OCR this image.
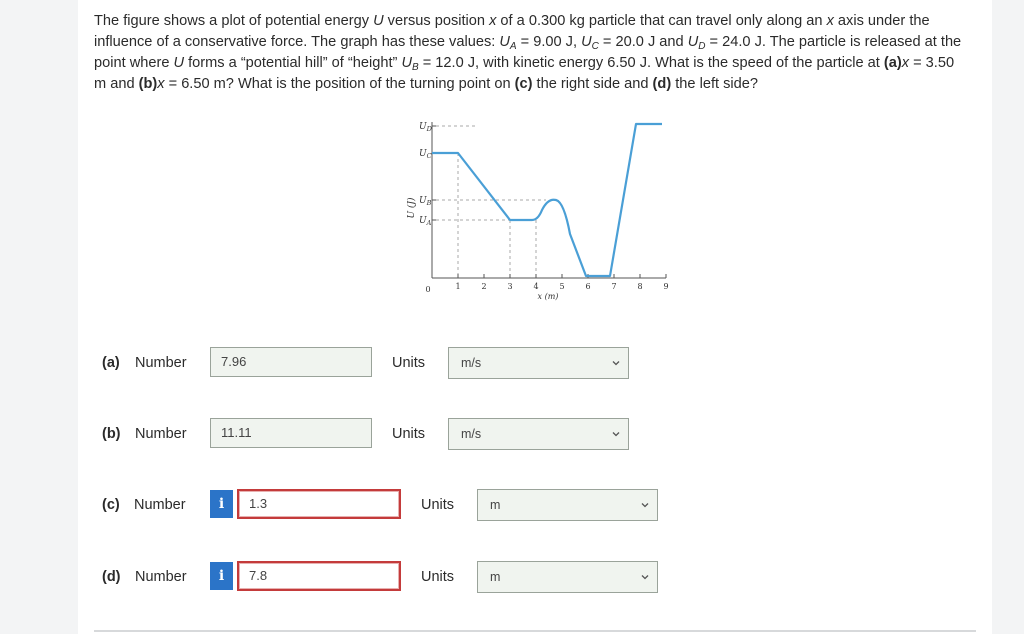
The figure shows a plot of potential energy U versus position x of a 0.300 kg particle that can travel only along an x axis under the influence of a conservative force. The graph has these values: $U_A = 9.00$ J, $U_C = 20.0$ J and $U_D = 24.0$ J. The particle is released at the point where U forms a “potential hill” of “height” $U_B = 12.0$ J, with kinetic energy 6.50 J. What is the speed of the particle at (a)x = 3.50 m and (b)x = 6.50 m? What is the position of the turning point on (c) the right side and (d) the left side?

$U_D$
$U_C$
$U_B$
$U_A$
U (J)
0	1	2	3	4	5	6	7	8	9
x (m)
(a) Number	7.96	Units	m/s
(b) Number	11.11	Units	m/s
(c) Number	i	1.3	Units	m
(d) Number	i	7.8	Units	m
